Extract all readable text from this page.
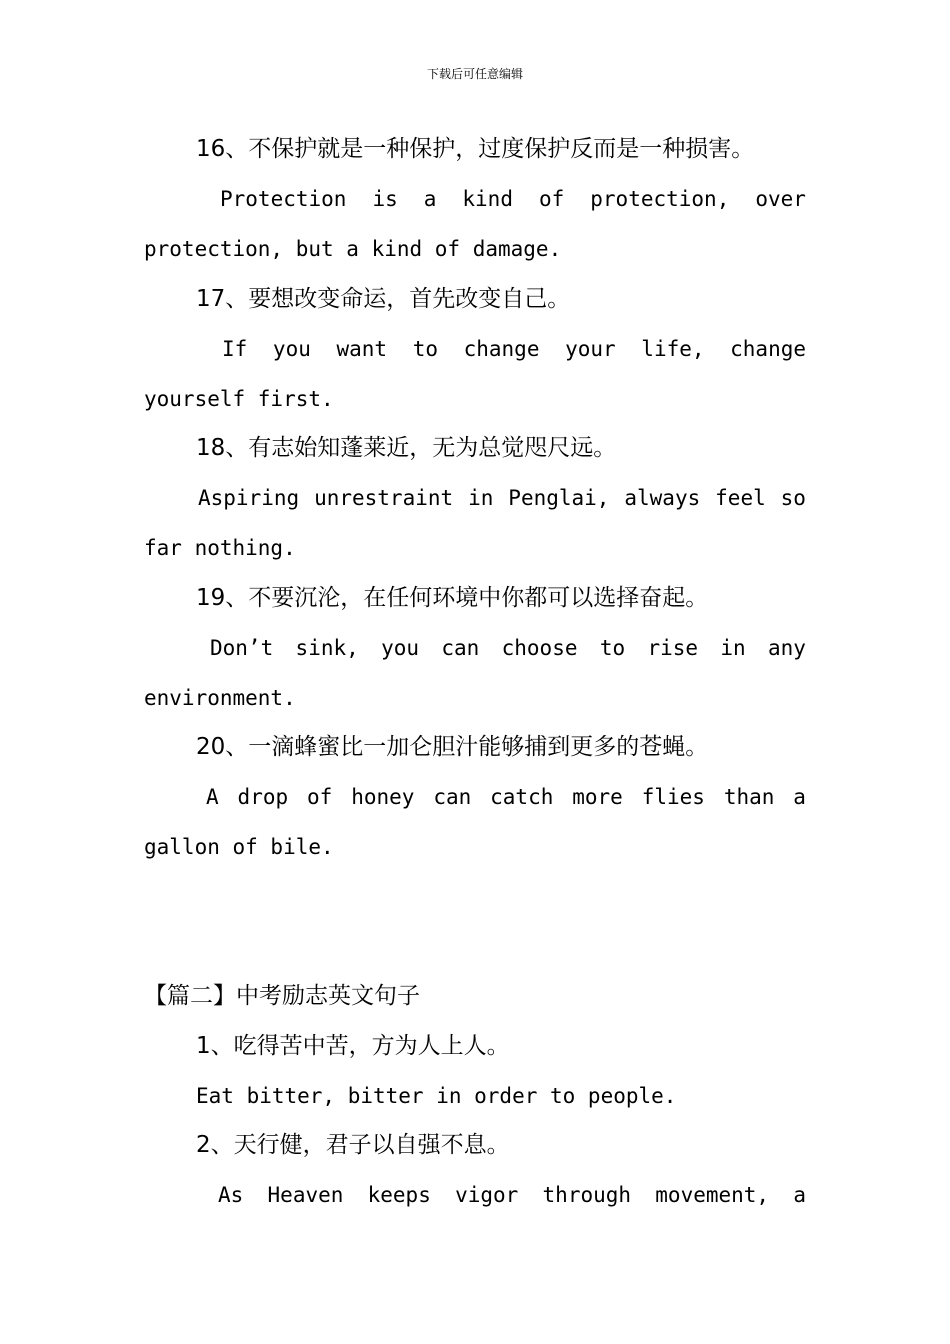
下载后可任意编辑
16、不保护就是一种保护，过度保护反而是一种损害。
Protection is a kind of protection, over
protection, but a kind of damage.
17、要想改变命运，首先改变自己。
If you want to change your life, change
yourself first.
18、有志始知蓬莱近，无为总觉咫尺远。
Aspiring unrestraint in Penglai, always feel so
far nothing.
19、不要沉沦，在任何环境中你都可以选择奋起。
Don’t sink, you can choose to rise in any
environment.
20、一滴蜂蜜比一加仑胆汁能够捕到更多的苍蝇。
A drop of honey can catch more flies than a
gallon of bile.
【篇二】中考励志英文句子
1、吃得苦中苦，方为人上人。
Eat bitter, bitter in order to people.
2、天行健，君子以自强不息。
As Heaven keeps vigor through movement, a
